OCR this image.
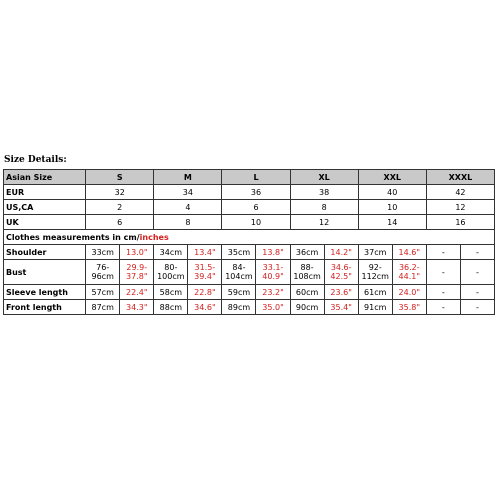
Size Details:
Asian Size	S		M		L		XL		XXL		XXXL	
EUR	32		34		36		38		40		42	
US,CA	2		4		6		8		10		12	
UK	6		8		10		12		14		16	
Clothes measurements in cm/inches												
Shoulder	33cm	13.0"	34cm	13.4"	35cm	13.8"	36cm	14.2"	37cm	14.6"	-	-
Bust	76-96cm	29.9-37.8"	80-100cm	31.5-39.4"	84-104cm	33.1-40.9"	88-108cm	34.6-42.5"	92-112cm	36.2-44.1"	-	-
Sleeve length	57cm	22.4"	58cm	22.8"	59cm	23.2"	60cm	23.6"	61cm	24.0"	-	-
Front length	87cm	34.3"	88cm	34.6"	89cm	35.0"	90cm	35.4"	91cm	35.8"	-	-
